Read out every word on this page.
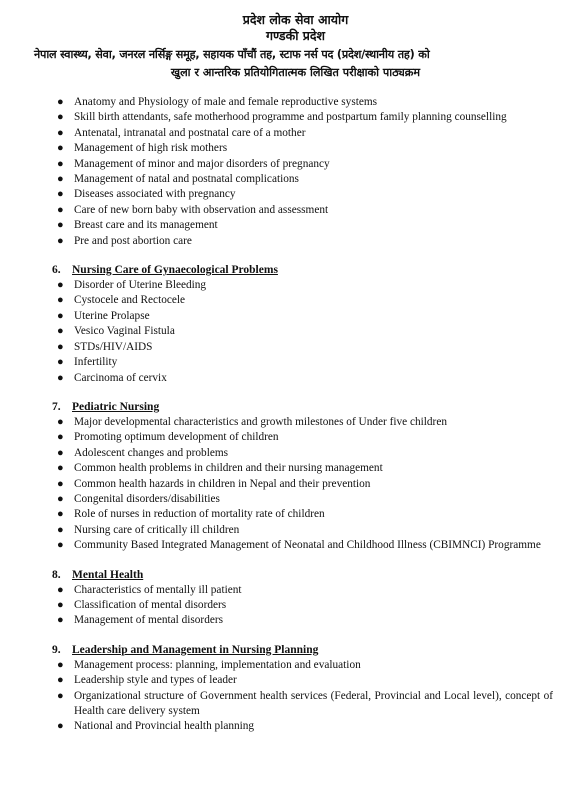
प्रदेश लोक सेवा आयोग
गण्डकी प्रदेश
नेपाल स्वास्थ्य, सेवा, जनरल नर्सिङ्ग समूह, सहायक पाँचौं तह, स्टाफ नर्स पद (प्रदेश/स्थानीय तह) को
खुला र आन्तरिक प्रतियोगितात्मक लिखित परीक्षाको पाठ्यक्रम
● Anatomy and Physiology of male and female reproductive systems
● Skill birth attendants, safe motherhood programme and postpartum family planning counselling
● Antenatal, intranatal and postnatal care of a mother
● Management of high risk mothers
● Management of minor and major disorders of pregnancy
● Management of natal and postnatal complications
● Diseases associated with pregnancy
● Care of new born baby with observation and assessment
● Breast care and its management
● Pre and post abortion care
6. Nursing Care of Gynaecological Problems
● Disorder of Uterine Bleeding
● Cystocele and Rectocele
● Uterine Prolapse
● Vesico Vaginal Fistula
● STDs/HIV/AIDS
● Infertility
● Carcinoma of cervix
7. Pediatric Nursing
● Major developmental characteristics and growth milestones of Under five children
● Promoting optimum development of children
● Adolescent changes and problems
● Common health problems in children and their nursing management
● Common health hazards in children in Nepal and their prevention
● Congenital disorders/disabilities
● Role of nurses in reduction of mortality rate of children
● Nursing care of critically ill children
● Community Based Integrated Management of Neonatal and Childhood Illness (CBIMNCI) Programme
8. Mental Health
● Characteristics of mentally ill patient
● Classification of mental disorders
● Management of mental disorders
9. Leadership and Management in Nursing Planning
● Management process: planning, implementation and evaluation
● Leadership style and types of leader
● Organizational structure of Government health services (Federal, Provincial and Local level), concept of Health care delivery system
● National and Provincial health planning
